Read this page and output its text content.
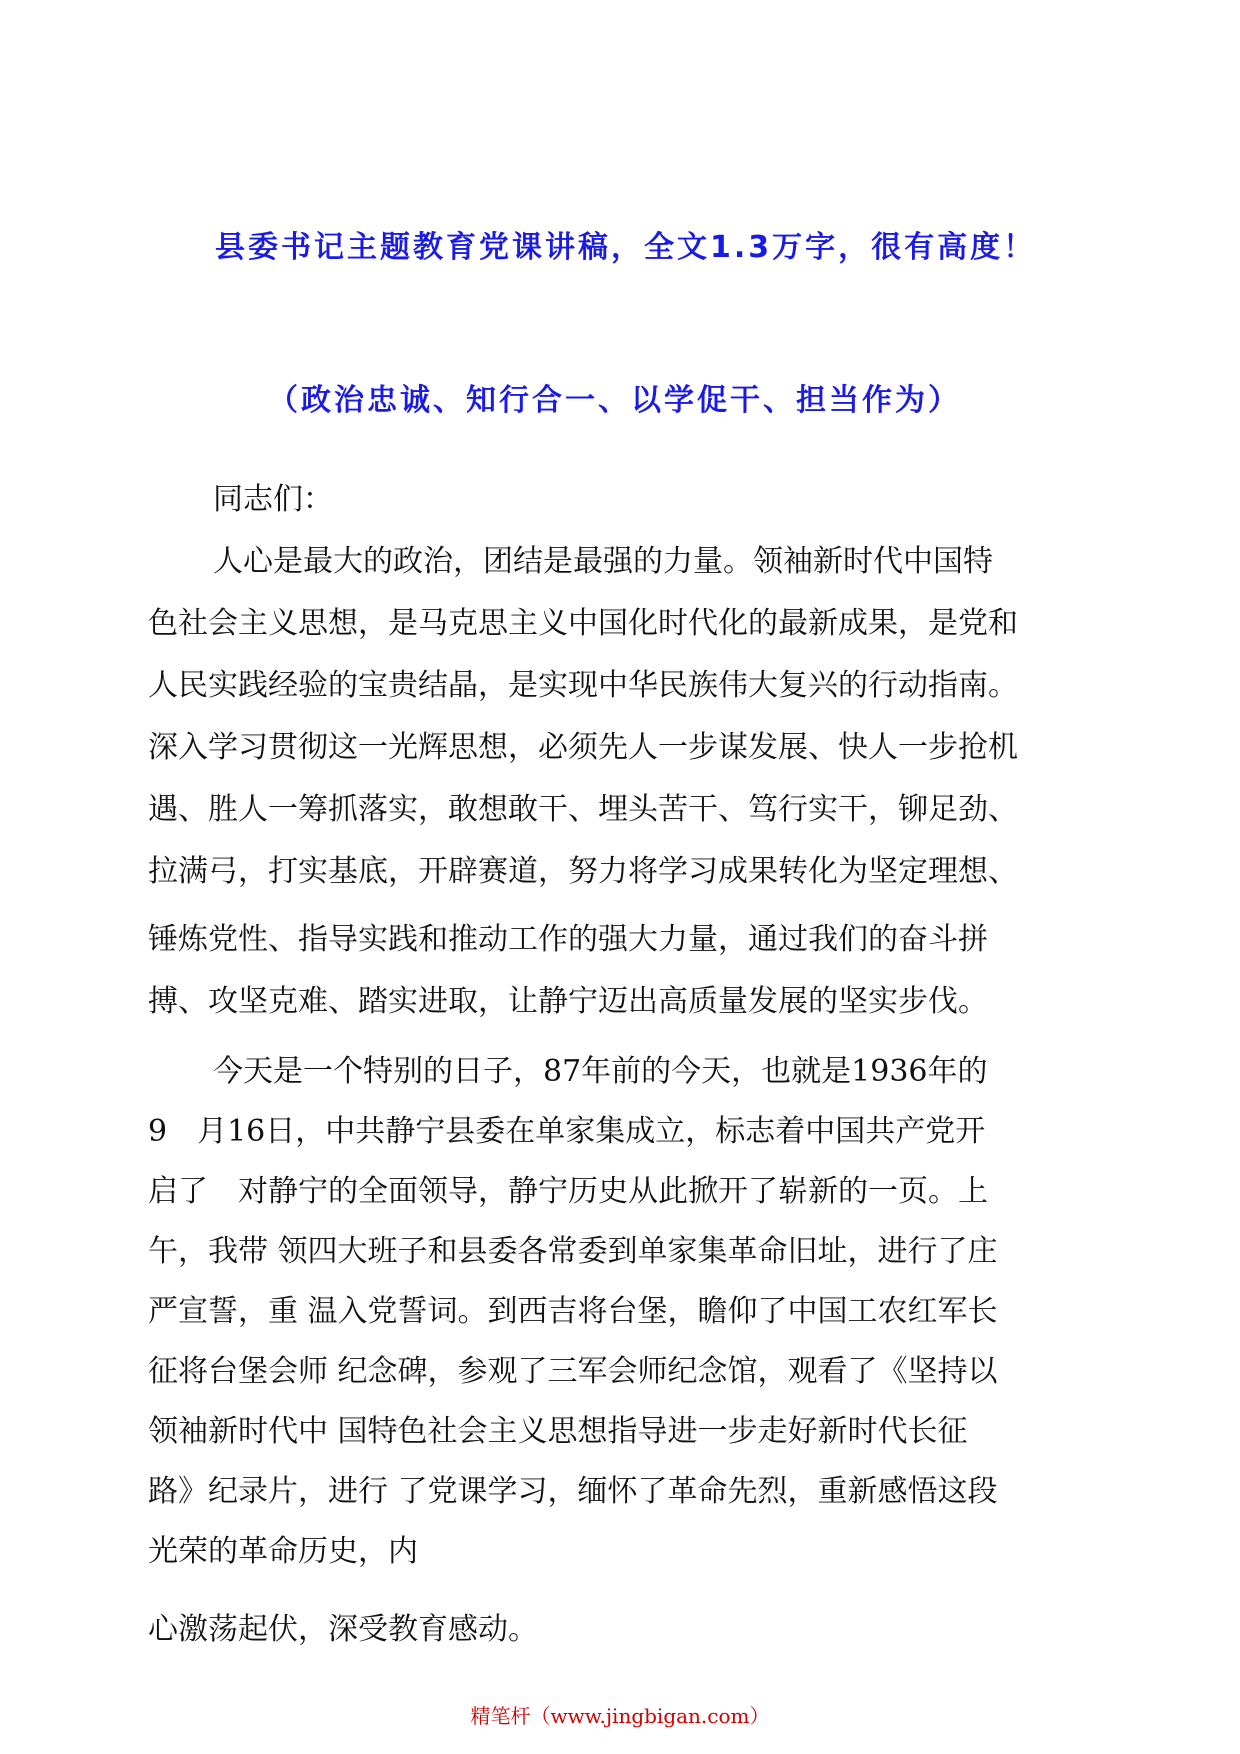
县委书记主题教育党课讲稿，全文1.3万字，很有高度！
（政治忠诚、知行合一、以学促干、担当作为）

同志们：

人心是最大的政治，团结是最强的力量。领袖新时代中国特

色社会主义思想，是马克思主义中国化时代化的最新成果，是党和

人民实践经验的宝贵结晶，是实现中华民族伟大复兴的行动指南。

深入学习贯彻这一光辉思想，必须先人一步谋发展、快人一步抢机

遇、胜人一筹抓落实，敢想敢干、埋头苦干、笃行实干，铆足劲、

拉满弓，打实基底，开辟赛道，努力将学习成果转化为坚定理想、

锤炼党性、指导实践和推动工作的强大力量，通过我们的奋斗拼

搏、攻坚克难、踏实进取，让静宁迈出高质量发展的坚实步伐。

今天是一个特别的日子，87年前的今天，也就是1936年的

9　月16日，中共静宁县委在单家集成立，标志着中国共产党开

启了　对静宁的全面领导，静宁历史从此掀开了崭新的一页。上

午，我带 领四大班子和县委各常委到单家集革命旧址，进行了庄

严宣誓，重 温入党誓词。到西吉将台堡，瞻仰了中国工农红军长

征将台堡会师 纪念碑，参观了三军会师纪念馆，观看了《坚持以

领袖新时代中 国特色社会主义思想指导进一步走好新时代长征

路》纪录片，进行 了党课学习，缅怀了革命先烈，重新感悟这段

光荣的革命历史，内

心激荡起伏，深受教育感动。

精笔杆（www.jingbigan.com）
